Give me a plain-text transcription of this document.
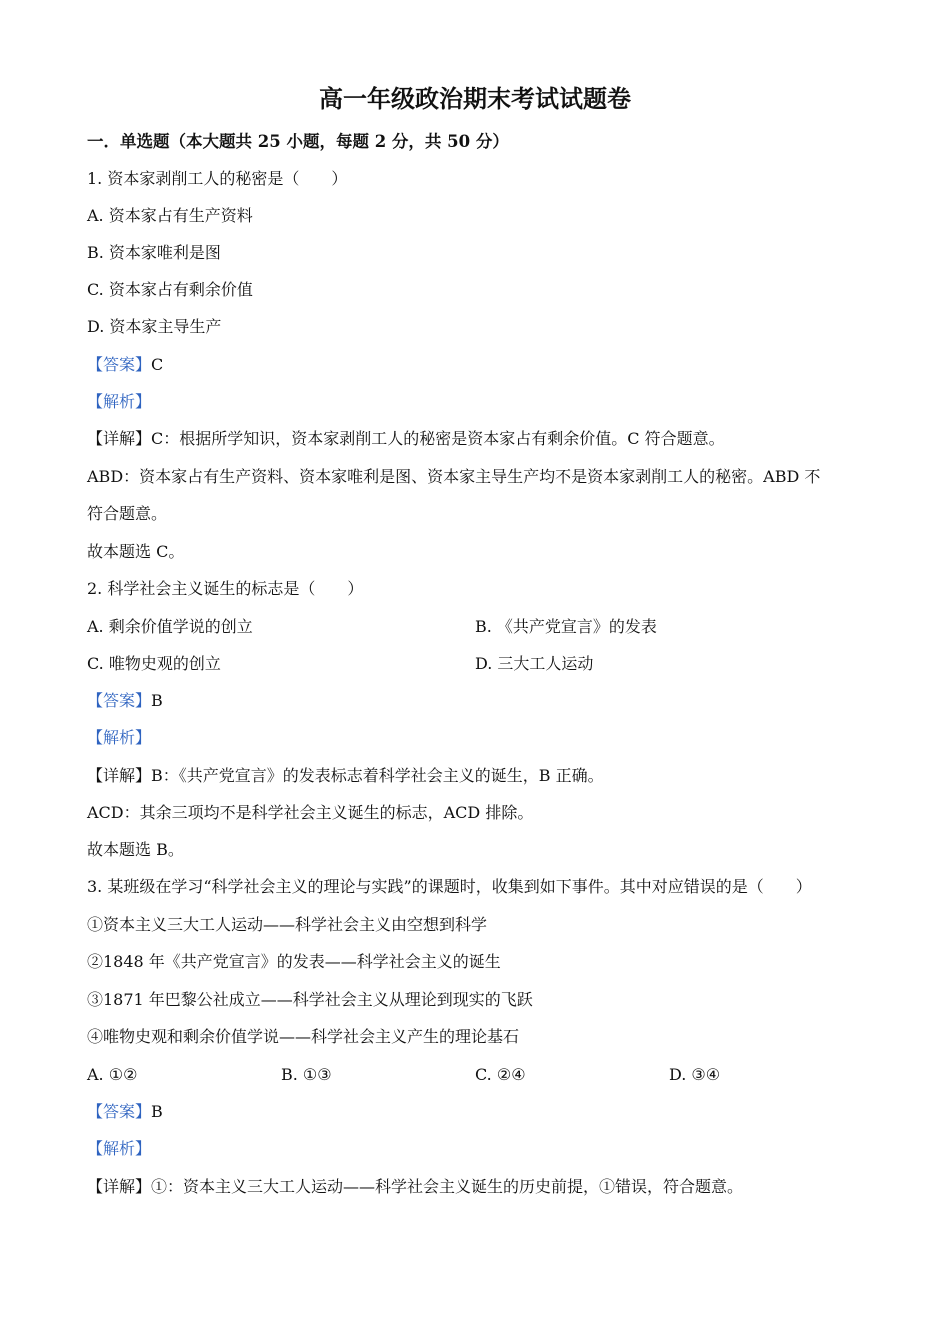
高一年级政治期末考试试题卷
一．单选题（本大题共 25 小题，每题 2 分，共 50 分）
1. 资本家剥削工人的秘密是（　　）
A. 资本家占有生产资料
B. 资本家唯利是图
C. 资本家占有剩余价值
D. 资本家主导生产
【答案】C
【解析】
【详解】C：根据所学知识，资本家剥削工人的秘密是资本家占有剩余价值。C 符合题意。
ABD：资本家占有生产资料、资本家唯利是图、资本家主导生产均不是资本家剥削工人的秘密。ABD 不
符合题意。
故本题选 C。
2. 科学社会主义诞生的标志是（　　）
A. 剩余价值学说的创立	B. 《共产党宣言》的发表
C. 唯物史观的创立	D. 三大工人运动
【答案】B
【解析】
【详解】B：《共产党宣言》的发表标志着科学社会主义的诞生，B 正确。
ACD：其余三项均不是科学社会主义诞生的标志，ACD 排除。
故本题选 B。
3. 某班级在学习“科学社会主义的理论与实践”的课题时，收集到如下事件。其中对应错误的是（　　）
①资本主义三大工人运动——科学社会主义由空想到科学
②1848 年《共产党宣言》的发表——科学社会主义的诞生
③1871 年巴黎公社成立——科学社会主义从理论到现实的飞跃
④唯物史观和剩余价值学说——科学社会主义产生的理论基石
A. ①②	B. ①③	C. ②④	D. ③④
【答案】B
【解析】
【详解】①：资本主义三大工人运动——科学社会主义诞生的历史前提，①错误，符合题意。
